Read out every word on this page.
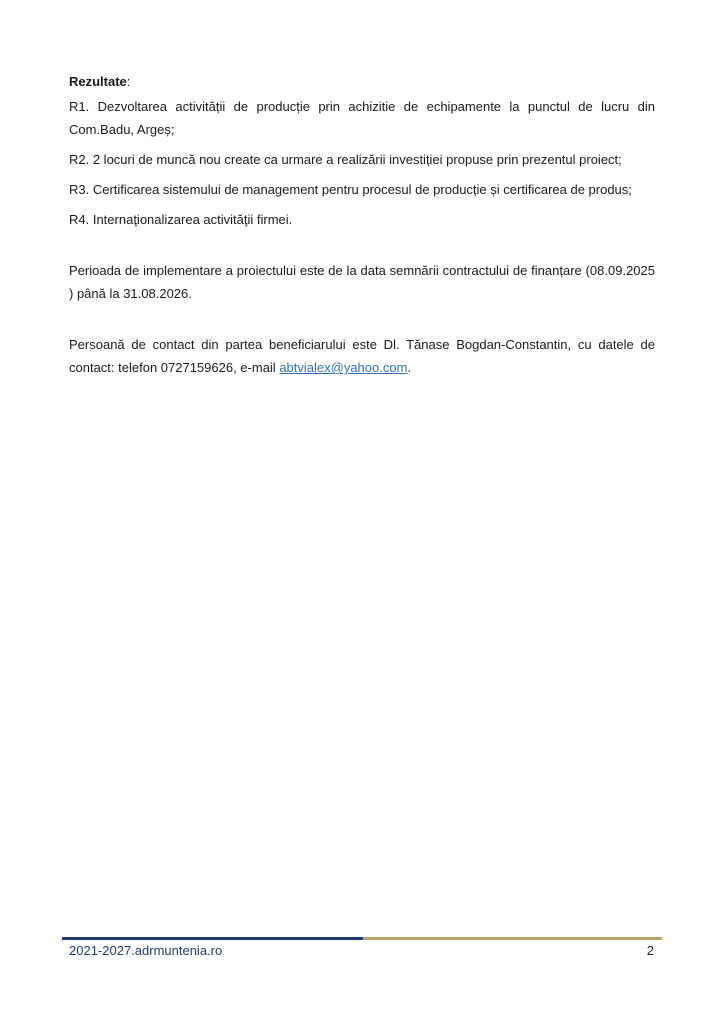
Rezultate:

R1. Dezvoltarea activității de producție prin achizitie de echipamente la punctul de lucru din Com.Badu, Argeș;

R2. 2 locuri de muncă nou create ca urmare a realizării investiției propuse prin prezentul proiect;

R3. Certificarea sistemului de management pentru procesul de producție și certificarea de produs;

R4. Internaţionalizarea activităţii firmei.

Perioada de implementare a proiectului este de la data semnării contractului de finanțare (08.09.2025 ) până la 31.08.2026.

Persoană de contact din partea beneficiarului este Dl. Tănase Bogdan-Constantin, cu datele de contact: telefon 0727159626, e-mail abtvialex@yahoo.com.

2021-2027.adrmuntenia.ro	2
